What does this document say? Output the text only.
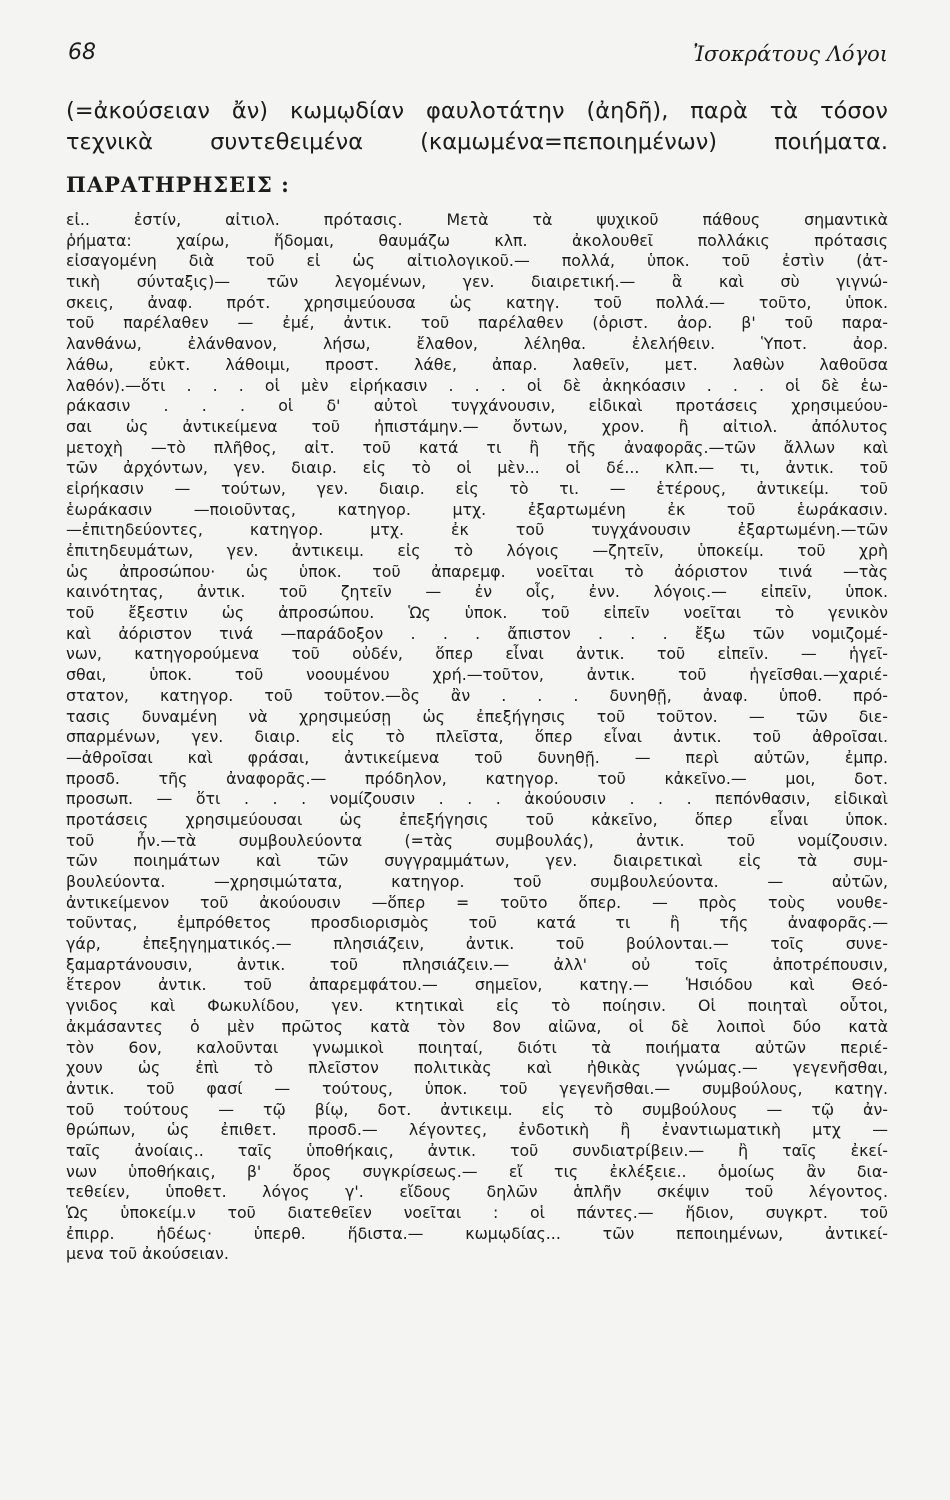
68	Ἰσοκράτους Λόγοι
(=ἀκούσειαν ἄν) κωμῳδίαν φαυλοτάτην (ἀηδῆ), παρὰ τὰ τόσον
τεχνικὰ συντεθειμένα (καμωμένα=πεποιημένων) ποιήματα.
ΠΑΡΑΤΗΡΗΣΕΙΣ :
εἰ.. ἐστίν, αἰτιολ. πρότασις. Μετὰ τὰ ψυχικοῦ πάθους σημαντικὰ
ῥήματα: χαίρω, ἥδομαι, θαυμάζω κλπ. ἀκολουθεῖ πολλάκις πρότασις
εἰσαγομένη διὰ τοῦ εἰ ὡς αἰτιολογικοῦ.— πολλά, ὑποκ. τοῦ ἐστὶν (ἀτ-
τικὴ σύνταξις)— τῶν λεγομένων, γεν. διαιρετική.— ἃ καὶ σὺ γιγνώ-
σκεις, ἀναφ. πρότ. χρησιμεύουσα ὡς κατηγ. τοῦ πολλά.— τοῦτο, ὑποκ.
τοῦ παρέλαθεν — ἐμέ, ἀντικ. τοῦ παρέλαθεν (ὁριστ. ἀορ. β' τοῦ παρα-
λανθάνω, ἐλάνθανον, λήσω, ἔλαθον, λέληθα. ἐλελήθειν. Ὑποτ. ἀορ.
λάθω, εὐκτ. λάθοιμι, προστ. λάθε, ἀπαρ. λαθεῖν, μετ. λαθὼν λαθοῦσα
λαθόν).—ὅτι . . . οἱ μὲν εἰρήκασιν . . . οἱ δὲ ἀκηκόασιν . . . οἱ δὲ ἑω-
ράκασιν . . . οἱ δ' αὐτοὶ τυγχάνουσιν, εἰδικαὶ προτάσεις χρησιμεύου-
σαι ὡς ἀντικείμενα τοῦ ἠπιστάμην.— ὄντων, χρον. ἢ αἰτιολ. ἀπόλυτος
μετοχὴ —τὸ πλῆθος, αἰτ. τοῦ κατά τι ἢ τῆς ἀναφορᾶς.—τῶν ἄλλων καὶ
τῶν ἀρχόντων, γεν. διαιρ. εἰς τὸ οἱ μὲν... οἱ δέ... κλπ.— τι, ἀντικ. τοῦ
εἰρήκασιν — τούτων, γεν. διαιρ. εἰς τὸ τι. — ἑτέρους, ἀντικείμ. τοῦ
ἑωράκασιν —ποιοῦντας, κατηγορ. μτχ. ἐξαρτωμένη ἐκ τοῦ ἑωράκασιν.
—ἐπιτηδεύοντες, κατηγορ. μτχ. ἐκ τοῦ τυγχάνουσιν ἐξαρτωμένη.—τῶν
ἐπιτηδευμάτων, γεν. ἀντικειμ. εἰς τὸ λόγοις —ζητεῖν, ὑποκείμ. τοῦ χρὴ
ὡς ἀπροσώπου· ὡς ὑποκ. τοῦ ἀπαρεμφ. νοεῖται τὸ ἀόριστον τινά —τὰς
καινότητας, ἀντικ. τοῦ ζητεῖν — ἐν οἷς, ἐνν. λόγοις.— εἰπεῖν, ὑποκ.
τοῦ ἔξεστιν ὡς ἀπροσώπου. Ὡς ὑποκ. τοῦ εἰπεῖν νοεῖται τὸ γενικὸν
καὶ ἀόριστον τινά —παράδοξον . . . ἄπιστον . . . ἔξω τῶν νομιζομέ-
νων, κατηγορούμενα τοῦ οὐδέν, ὅπερ εἶναι ἀντικ. τοῦ εἰπεῖν. — ἡγεῖ-
σθαι, ὑποκ. τοῦ νοουμένου χρή.—τοῦτον, ἀντικ. τοῦ ἡγεῖσθαι.—χαριέ-
στατον, κατηγορ. τοῦ τοῦτον.—ὃς ἂν . . . δυνηθῇ, ἀναφ. ὑποθ. πρό-
τασις δυναμένη νὰ χρησιμεύσῃ ὡς ἐπεξήγησις τοῦ τοῦτον. — τῶν διε-
σπαρμένων, γεν. διαιρ. εἰς τὸ πλεῖστα, ὅπερ εἶναι ἀντικ. τοῦ ἀθροῖσαι.
—ἀθροῖσαι καὶ φράσαι, ἀντικείμενα τοῦ δυνηθῇ. — περὶ αὐτῶν, ἐμπρ.
προσδ. τῆς ἀναφορᾶς.— πρόδηλον, κατηγορ. τοῦ κἀκεῖνο.— μοι, δοτ.
προσωπ. — ὅτι . . . νομίζουσιν . . . ἀκούουσιν . . . πεπόνθασιν, εἰδικαὶ
προτάσεις χρησιμεύουσαι ὡς ἐπεξήγησις τοῦ κἀκεῖνο, ὅπερ εἶναι ὑποκ.
τοῦ ἦν.—τὰ συμβουλεύοντα (=τὰς συμβουλάς), ἀντικ. τοῦ νομίζουσιν.
τῶν ποιημάτων καὶ τῶν συγγραμμάτων, γεν. διαιρετικαὶ εἰς τὰ συμ-
βουλεύοντα. —χρησιμώτατα, κατηγορ. τοῦ συμβουλεύοντα. — αὐτῶν,
ἀντικείμενον τοῦ ἀκούουσιν —ὅπερ = τοῦτο ὅπερ. — πρὸς τοὺς νουθε-
τοῦντας, ἐμπρόθετος προσδιορισμὸς τοῦ κατά τι ἢ τῆς ἀναφορᾶς.—
γάρ, ἐπεξηγηματικός.— πλησιάζειν, ἀντικ. τοῦ βούλονται.— τοῖς συνε-
ξαμαρτάνουσιν, ἀντικ. τοῦ πλησιάζειν.— ἀλλ' οὐ τοῖς ἀποτρέπουσιν,
ἕτερον ἀντικ. τοῦ ἀπαρεμφάτου.— σημεῖον, κατηγ.— Ἡσιόδου καὶ Θεό-
γνιδος καὶ Φωκυλίδου, γεν. κτητικαὶ εἰς τὸ ποίησιν. Οἱ ποιηταὶ οὗτοι,
ἀκμάσαντες ὁ μὲν πρῶτος κατὰ τὸν 8ον αἰῶνα, οἱ δὲ λοιποὶ δύο κατὰ
τὸν 6ον, καλοῦνται γνωμικοὶ ποιηταί, διότι τὰ ποιήματα αὐτῶν περιέ-
χουν ὡς ἐπὶ τὸ πλεῖστον πολιτικὰς καὶ ἠθικὰς γνώμας.— γεγενῆσθαι,
ἀντικ. τοῦ φασί — τούτους, ὑποκ. τοῦ γεγενῆσθαι.— συμβούλους, κατηγ.
τοῦ τούτους — τῷ βίῳ, δοτ. ἀντικειμ. εἰς τὸ συμβούλους — τῷ ἀν-
θρώπων, ὡς ἐπιθετ. προσδ.— λέγοντες, ἐνδοτικὴ ἢ ἐναντιωματικὴ μτχ —
ταῖς ἀνοίαις.. ταῖς ὑποθήκαις, ἀντικ. τοῦ συνδιατρίβειν.— ἢ ταῖς ἐκεί-
νων ὑποθήκαις, β' ὅρος συγκρίσεως.— εἴ τις ἐκλέξειε.. ὁμοίως ἂν δια-
τεθείεν, ὑποθετ. λόγος γ'. εἴδους δηλῶν ἁπλῆν σκέψιν τοῦ λέγοντος.
Ὡς ὑποκείμ.ν τοῦ διατεθεῖεν νοεῖται : οἱ πάντες.— ἥδιον, συγκρτ. τοῦ
ἐπιρρ. ἡδέως· ὑπερθ. ἥδιστα.— κωμῳδίας... τῶν πεποιημένων, ἀντικεί-
μενα τοῦ ἀκούσειαν.
